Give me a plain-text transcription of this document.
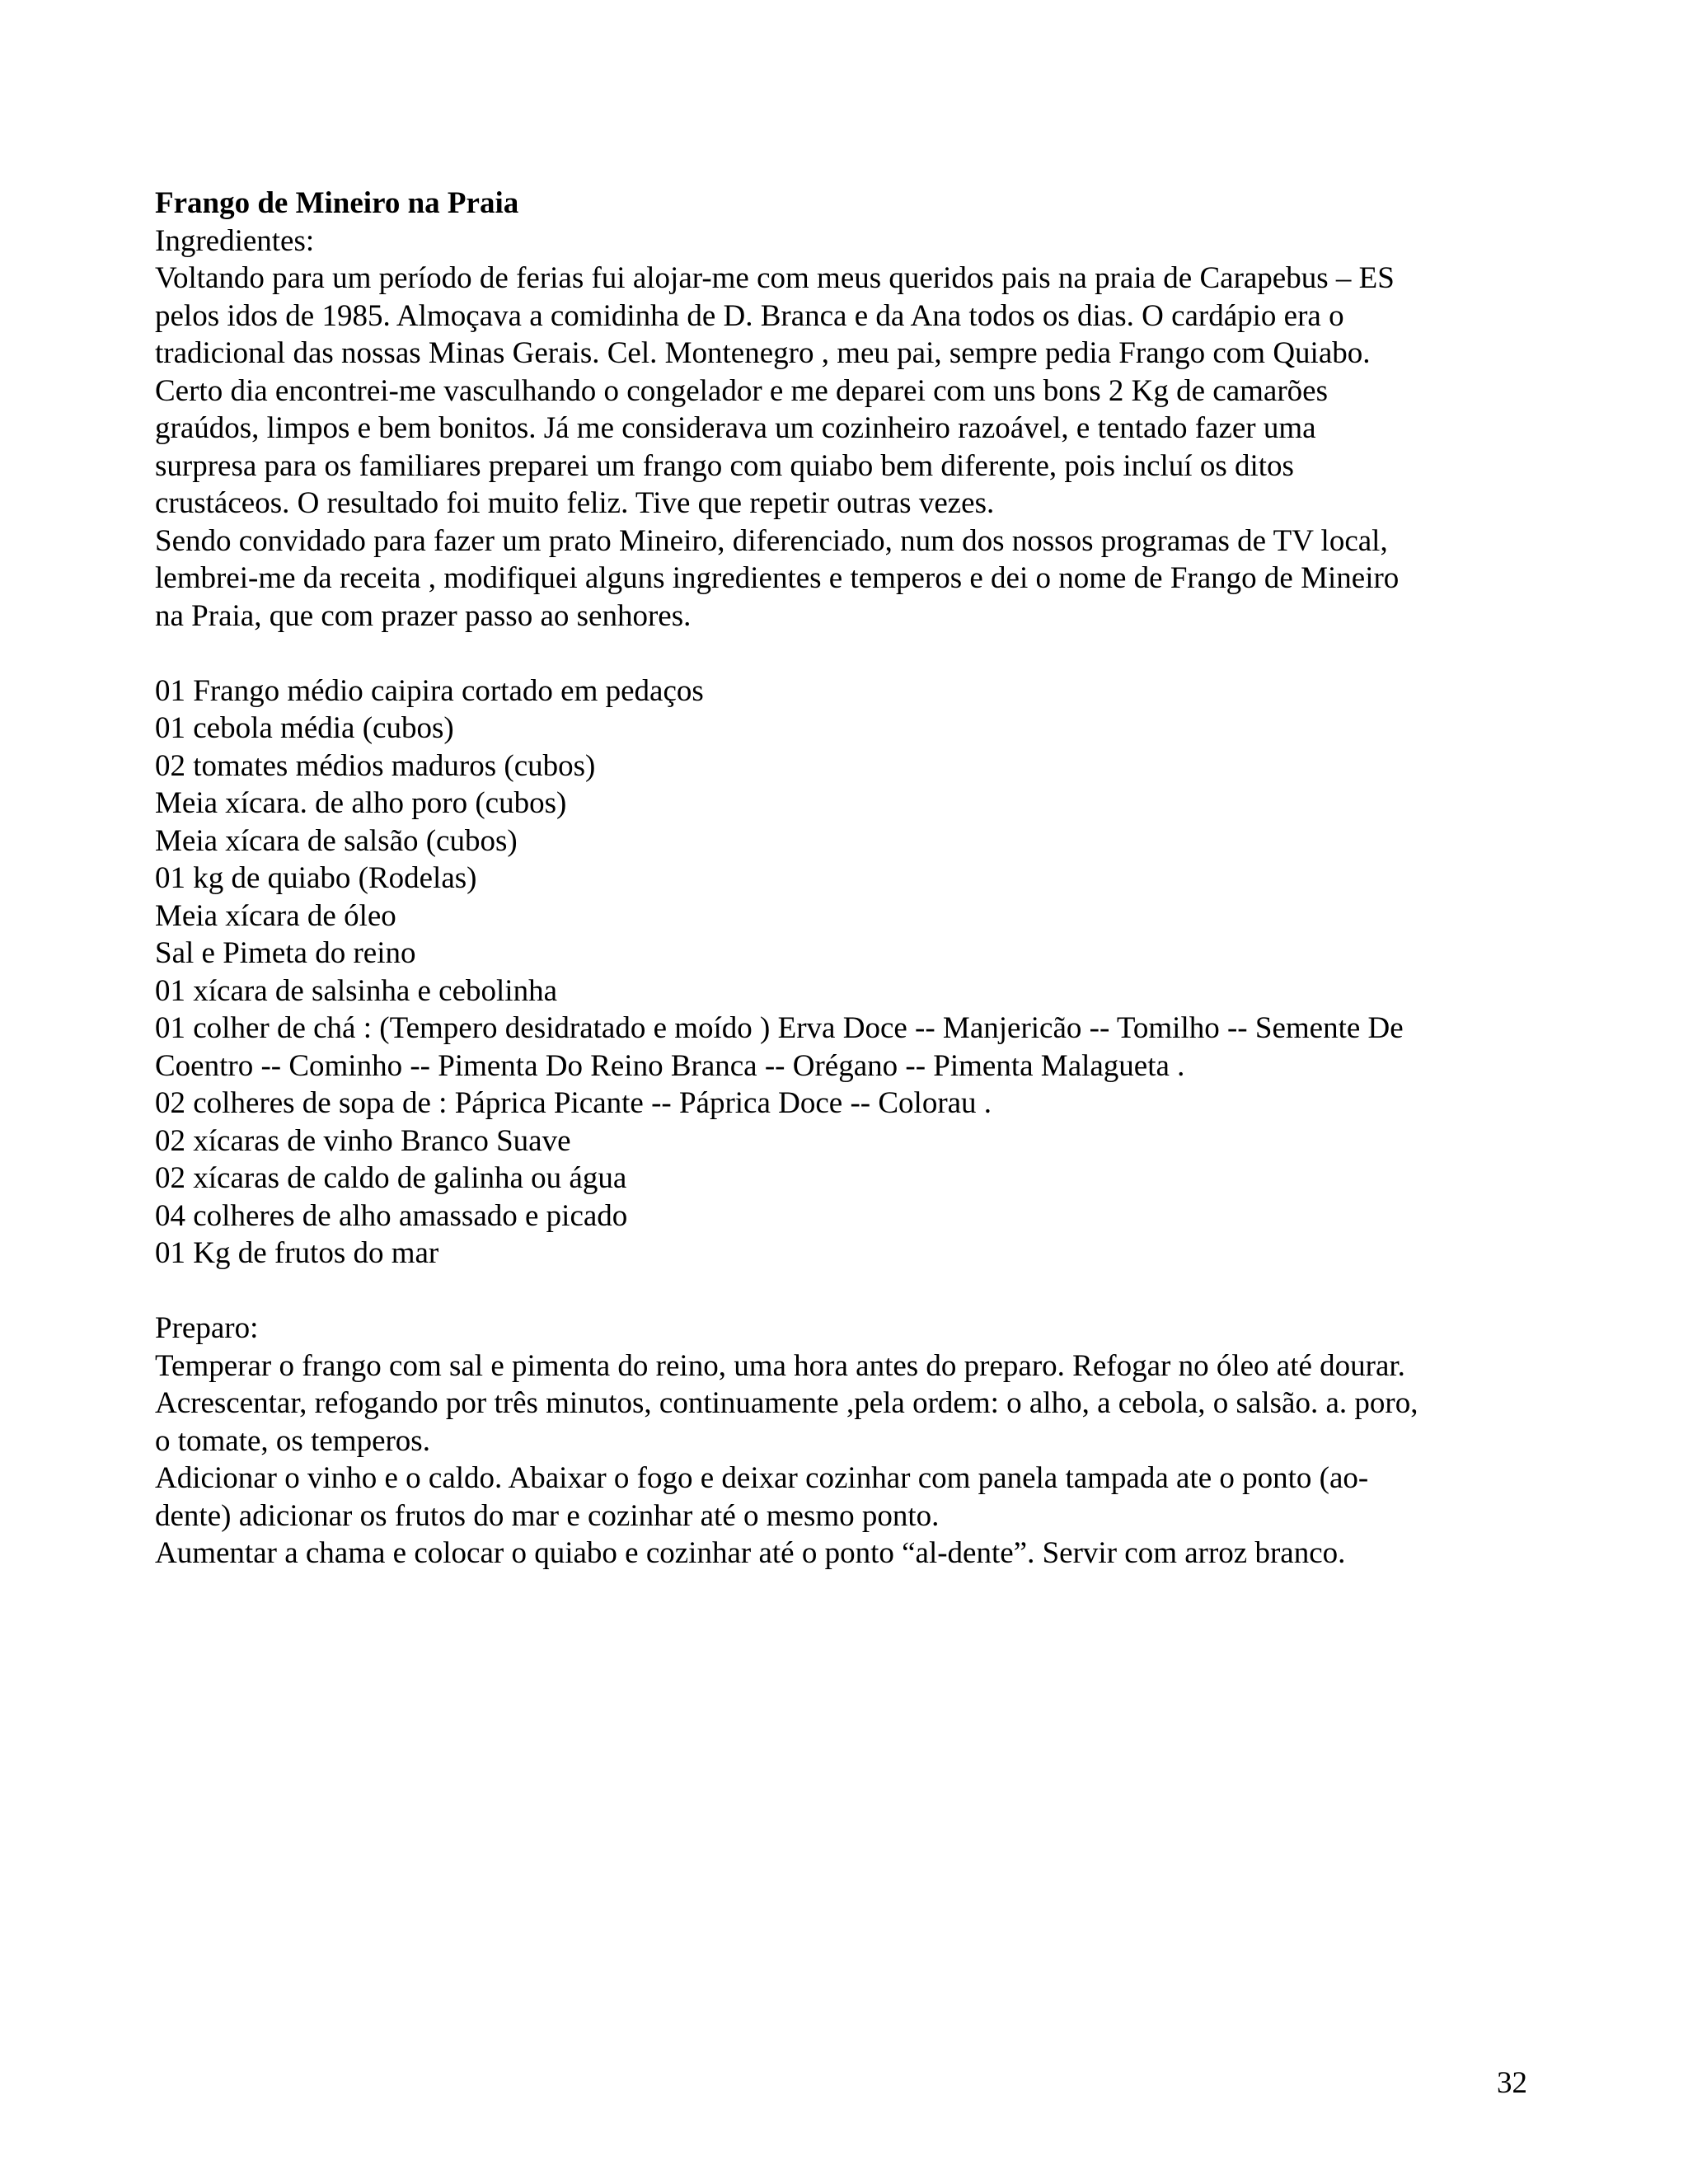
Frango de Mineiro na Praia

Ingredientes:

Voltando para um período de ferias fui alojar-me com meus queridos pais na praia de Carapebus – ES

pelos idos de 1985. Almoçava a comidinha de D. Branca e da Ana todos os dias. O cardápio era o

tradicional das nossas Minas Gerais. Cel. Montenegro , meu pai, sempre pedia Frango com Quiabo.

Certo dia encontrei-me vasculhando o congelador e me deparei com uns bons 2 Kg de camarões

graúdos, limpos e bem bonitos. Já me considerava um cozinheiro razoável, e tentado fazer uma

surpresa para os familiares preparei um frango com quiabo bem diferente, pois incluí os ditos

crustáceos. O resultado foi muito feliz. Tive que repetir outras vezes.

Sendo convidado para fazer um prato Mineiro, diferenciado, num dos nossos programas de TV local,

lembrei-me da receita , modifiquei alguns ingredientes e temperos e dei o nome de Frango de Mineiro

na Praia, que com prazer passo ao senhores.

01 Frango médio caipira cortado em pedaços

01 cebola média (cubos)

02 tomates médios maduros (cubos)

Meia xícara. de alho poro (cubos)

Meia xícara de salsão (cubos)

01 kg de quiabo (Rodelas)

Meia xícara de óleo

Sal e Pimeta do reino

01 xícara de salsinha e cebolinha

01 colher de chá : (Tempero desidratado e moído ) Erva Doce -- Manjericão -- Tomilho -- Semente De

Coentro -- Cominho -- Pimenta Do Reino Branca -- Orégano -- Pimenta Malagueta .

02 colheres de sopa de : Páprica Picante -- Páprica Doce -- Colorau .

02 xícaras de vinho Branco Suave

02 xícaras de caldo de galinha ou água

04 colheres de alho amassado e picado

01 Kg de frutos do mar

Preparo:

Temperar o frango com sal e pimenta do reino, uma hora antes do preparo. Refogar no óleo até dourar.

Acrescentar, refogando por três minutos, continuamente ,pela ordem: o alho, a cebola, o salsão. a. poro,

o tomate, os temperos.

Adicionar o vinho e o caldo. Abaixar o fogo e deixar cozinhar com panela tampada ate o ponto (ao-

dente) adicionar os frutos do mar e cozinhar até o mesmo ponto.

Aumentar a chama e colocar o quiabo e cozinhar até o ponto “al-dente”. Servir com arroz branco.

32
